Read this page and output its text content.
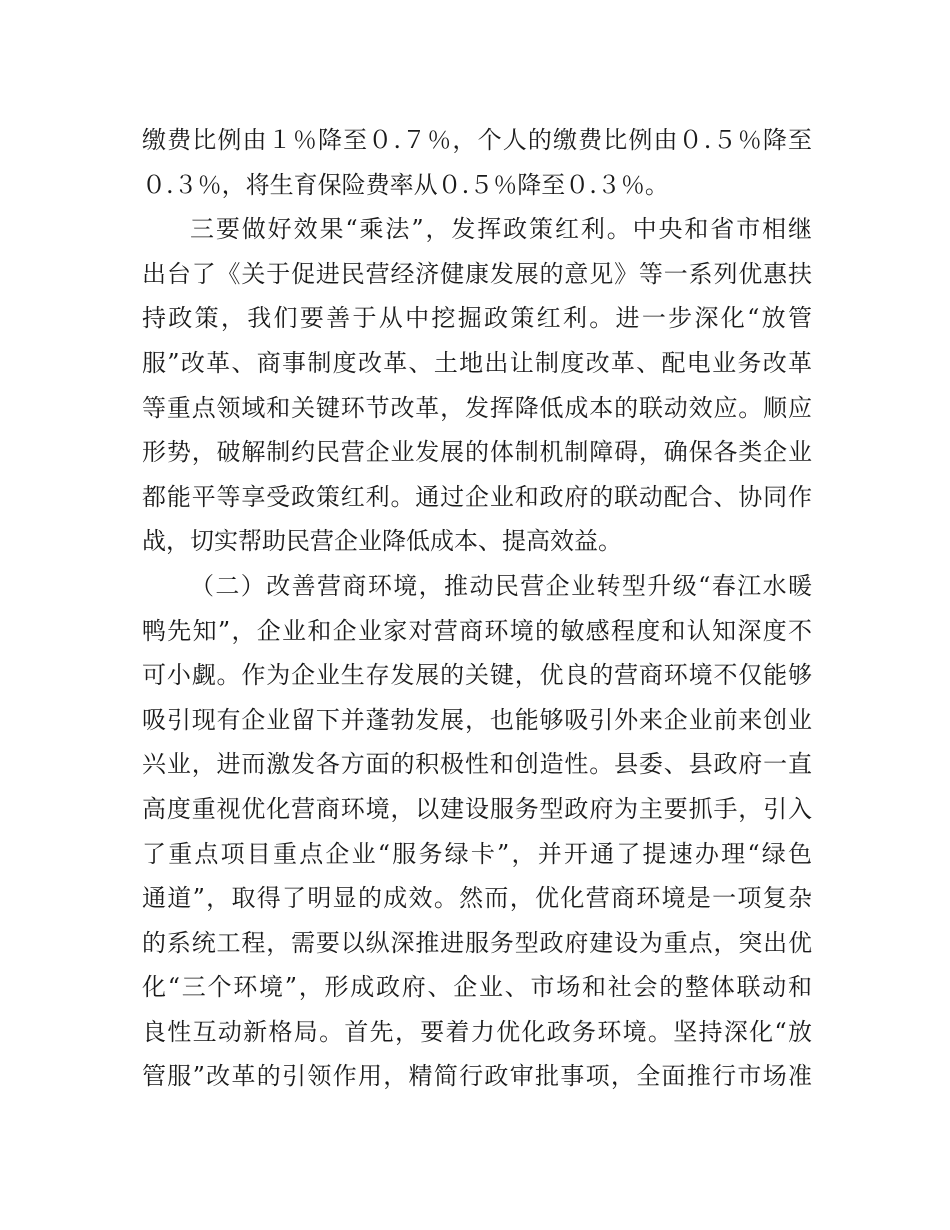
缴费比例由１％降至０.７％，个人的缴费比例由０.５％降至
０.３％，将生育保险费率从０.５％降至０.３％。
三要做好效果“乘法”，发挥政策红利。中央和省市相继
出台了《关于促进民营经济健康发展的意见》等一系列优惠扶
持政策，我们要善于从中挖掘政策红利。进一步深化“放管
服”改革、商事制度改革、土地出让制度改革、配电业务改革
等重点领域和关键环节改革，发挥降低成本的联动效应。顺应
形势，破解制约民营企业发展的体制机制障碍，确保各类企业
都能平等享受政策红利。通过企业和政府的联动配合、协同作
战，切实帮助民营企业降低成本、提高效益。
（二）改善营商环境，推动民营企业转型升级“春江水暖
鸭先知”，企业和企业家对营商环境的敏感程度和认知深度不
可小觑。作为企业生存发展的关键，优良的营商环境不仅能够
吸引现有企业留下并蓬勃发展，也能够吸引外来企业前来创业
兴业，进而激发各方面的积极性和创造性。县委、县政府一直
高度重视优化营商环境，以建设服务型政府为主要抓手，引入
了重点项目重点企业“服务绿卡”，并开通了提速办理“绿色
通道”，取得了明显的成效。然而，优化营商环境是一项复杂
的系统工程，需要以纵深推进服务型政府建设为重点，突出优
化“三个环境”，形成政府、企业、市场和社会的整体联动和
良性互动新格局。首先，要着力优化政务环境。坚持深化“放
管服”改革的引领作用，精简行政审批事项，全面推行市场准
